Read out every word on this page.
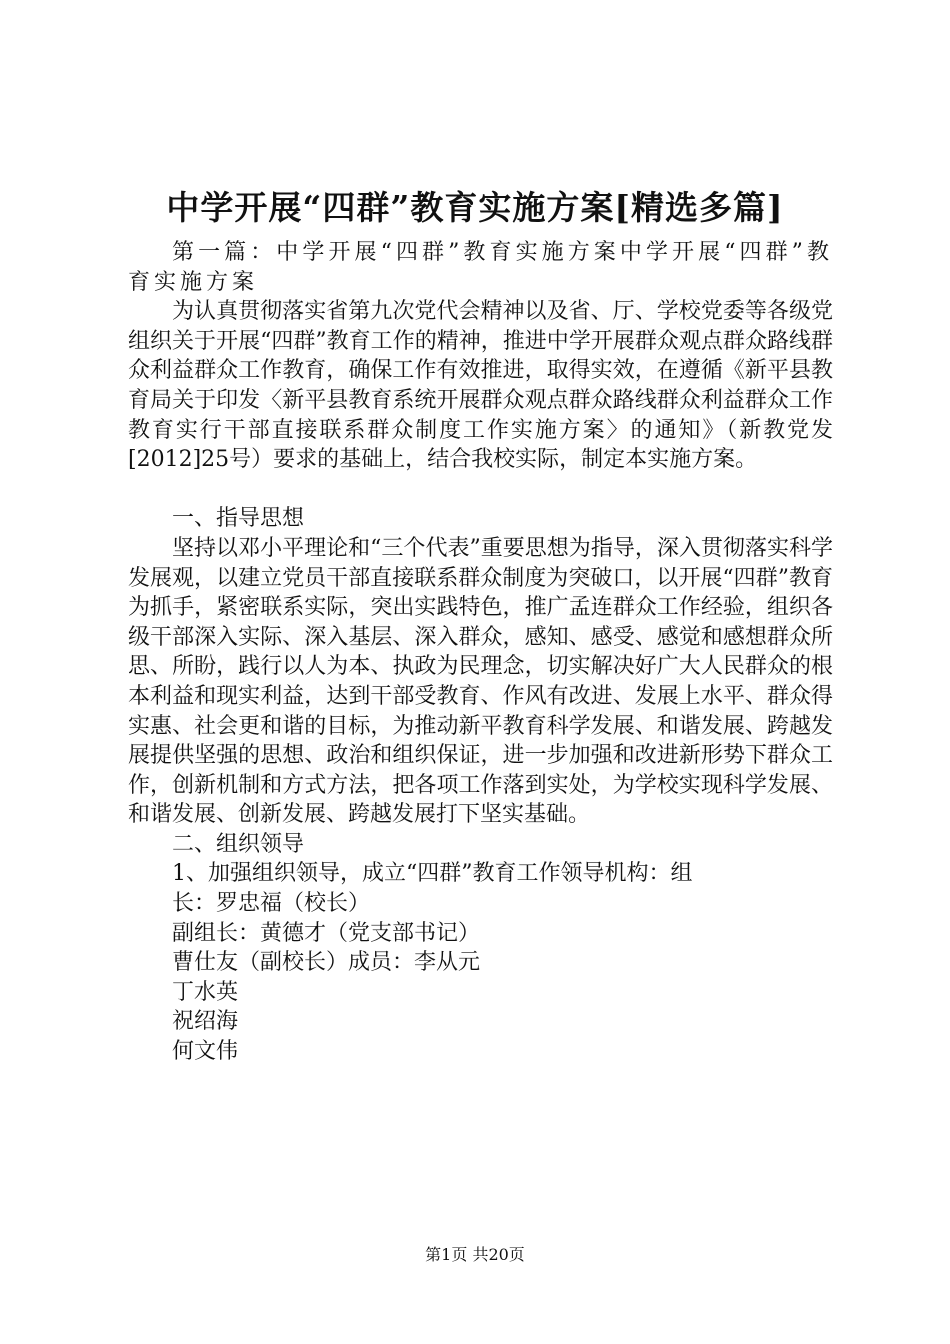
中学开展“四群”教育实施方案[精选多篇]

第一篇：中学开展“四群”教育实施方案中学开展“四群”教育实施方案

为认真贯彻落实省第九次党代会精神以及省、厅、学校党委等各级党组织关于开展“四群”教育工作的精神，推进中学开展群众观点群众路线群众利益群众工作教育，确保工作有效推进，取得实效，在遵循《新平县教育局关于印发〈新平县教育系统开展群众观点群众路线群众利益群众工作教育实行干部直接联系群众制度工作实施方案〉的通知》（新教党发[2012]25号）要求的基础上，结合我校实际，制定本实施方案。

一、指导思想

坚持以邓小平理论和“三个代表”重要思想为指导，深入贯彻落实科学发展观，以建立党员干部直接联系群众制度为突破口，以开展“四群”教育为抓手，紧密联系实际，突出实践特色，推广孟连群众工作经验，组织各级干部深入实际、深入基层、深入群众，感知、感受、感觉和感想群众所思、所盼，践行以人为本、执政为民理念，切实解决好广大人民群众的根本利益和现实利益，达到干部受教育、作风有改进、发展上水平、群众得实惠、社会更和谐的目标，为推动新平教育科学发展、和谐发展、跨越发展提供坚强的思想、政治和组织保证，进一步加强和改进新形势下群众工作，创新机制和方式方法，把各项工作落到实处，为学校实现科学发展、和谐发展、创新发展、跨越发展打下坚实基础。

二、组织领导

1、加强组织领导，成立“四群”教育工作领导机构：组

长：罗忠福（校长）

副组长：黄德才（党支部书记）

曹仕友（副校长）成员：李从元

丁水英

祝绍海

何文伟

第1页 共20页
